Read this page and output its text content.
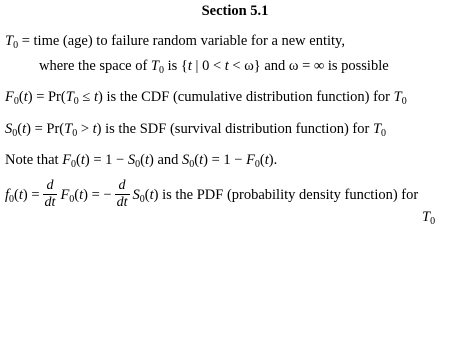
Section 5.1
$T_0$ = time (age) to failure random variable for a new entity,
where the space of $T_0$ is {t | 0 < t < ω} and ω = ∞ is possible
$F_0(t) = Pr(T_0 \le t)$ is the CDF (cumulative distribution function) for $T_0$
$S_0(t) = Pr(T_0 > t)$ is the SDF (survival distribution function) for $T_0$
Note that $F_0(t) = 1 - S_0(t)$ and $S_0(t) = 1 - F_0(t)$.
$f_0(t) = \frac{d}{dt} F_0(t)$ = − $\frac{d}{dt} S_0(t)$ is the PDF (probability density function) for
$T_0$
